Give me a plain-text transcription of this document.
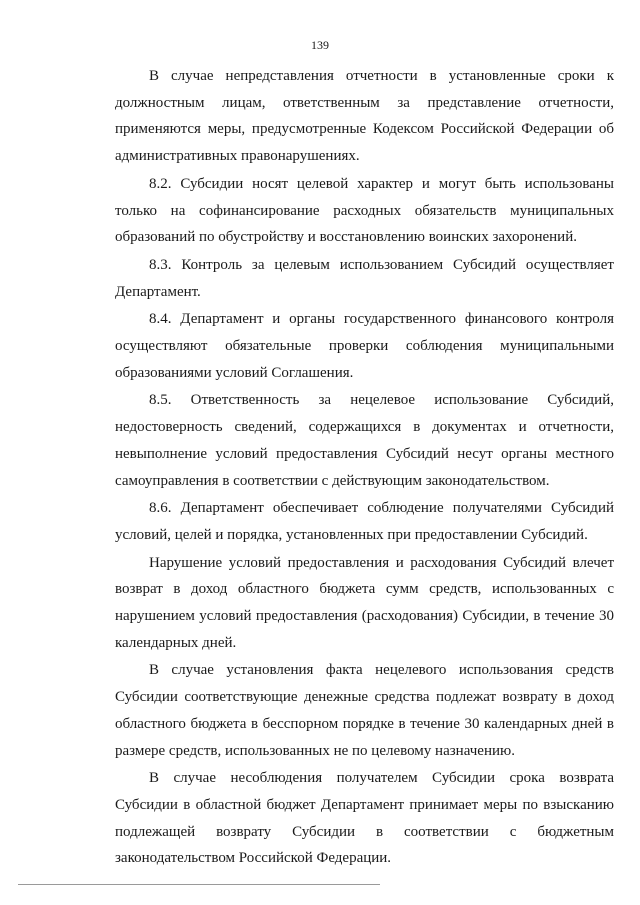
139

В случае непредставления отчетности в установленные сроки к должностным лицам, ответственным за представление отчетности, применяются меры, предусмотренные Кодексом Российской Федерации об административных правонарушениях.

8.2. Субсидии носят целевой характер и могут быть использованы только на софинансирование расходных обязательств муниципальных образований по обустройству и восстановлению воинских захоронений.

8.3. Контроль за целевым использованием Субсидий осуществляет Департамент.

8.4. Департамент и органы государственного финансового контроля осуществляют обязательные проверки соблюдения муниципальными образованиями условий Соглашения.

8.5. Ответственность за нецелевое использование Субсидий, недостоверность сведений, содержащихся в документах и отчетности, невыполнение условий предоставления Субсидий несут органы местного самоуправления в соответствии с действующим законодательством.

8.6. Департамент обеспечивает соблюдение получателями Субсидий условий, целей и порядка, установленных при предоставлении Субсидий.

Нарушение условий предоставления и расходования Субсидий влечет возврат в доход областного бюджета сумм средств, использованных с нарушением условий предоставления (расходования) Субсидии, в течение 30 календарных дней.

В случае установления факта нецелевого использования средств Субсидии соответствующие денежные средства подлежат возврату в доход областного бюджета в бесспорном порядке в течение 30 календарных дней в размере средств, использованных не по целевому назначению.

В случае несоблюдения получателем Субсидии срока возврата Субсидии в областной бюджет Департамент принимает меры по взысканию подлежащей возврату Субсидии в соответствии с бюджетным законодательством Российской Федерации.
